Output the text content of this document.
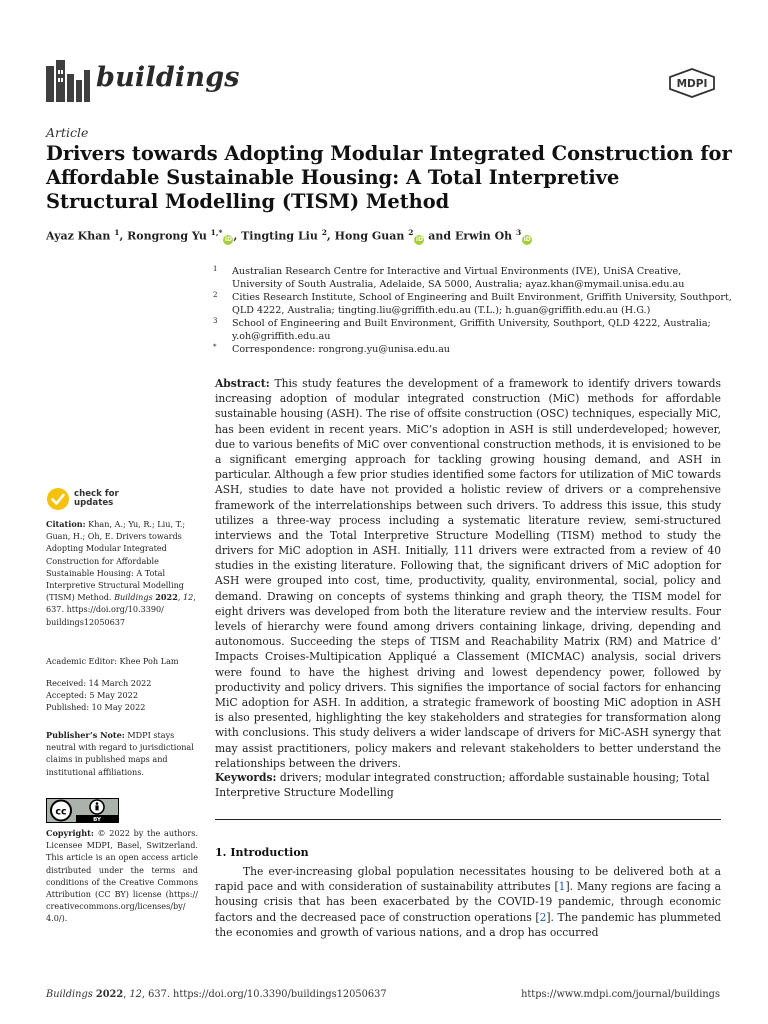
buildings	MDPI
Article
Drivers towards Adopting Modular Integrated Construction for Affordable Sustainable Housing: A Total Interpretive Structural Modelling (TISM) Method
Ayaz Khan $^1$, Rongrong Yu $^{1,*}$iD, Tingting Liu $^2$, Hong Guan $^2$iD and Erwin Oh $^3$iD

1 Australian Research Centre for Interactive and Virtual Environments (IVE), UniSA Creative, University of South Australia, Adelaide, SA 5000, Australia; ayaz.khan@mymail.unisa.edu.au

2 Cities Research Institute, School of Engineering and Built Environment, Griffith University, Southport, QLD 4222, Australia; tingting.liu@griffith.edu.au (T.L.); h.guan@griffith.edu.au (H.G.)

3 School of Engineering and Built Environment, Griffith University, Southport, QLD 4222, Australia; y.oh@griffith.edu.au

* Correspondence: rongrong.yu@unisa.edu.au

Abstract: This study features the development of a framework to identify drivers towards increasing adoption of modular integrated construction (MiC) methods for affordable sustainable housing (ASH). The rise of offsite construction (OSC) techniques, especially MiC, has been evident in recent years. MiC’s adoption in ASH is still underdeveloped; however, due to various benefits of MiC over conventional construction methods, it is envisioned to be a significant emerging approach for tackling growing housing demand, and ASH in particular. Although a few prior studies identified some factors for utilization of MiC towards ASH, studies to date have not provided a holistic review of drivers or a comprehensive framework of the interrelationships between such drivers. To address this issue, this study utilizes a three-way process including a systematic literature review, semi-structured interviews and the Total Interpretive Structure Modelling (TISM) method to study the drivers for MiC adoption in ASH. Initially, 111 drivers were extracted from a review of 40 studies in the existing literature. Following that, the significant drivers of MiC adoption for ASH were grouped into cost, time, productivity, quality, environmental, social, policy and demand. Drawing on concepts of systems thinking and graph theory, the TISM model for eight drivers was developed from both the literature review and the interview results. Four levels of hierarchy were found among drivers containing linkage, driving, depending and autonomous. Succeeding the steps of TISM and Reachability Matrix (RM) and Matrice d’ Impacts Croises-Multipication Appliqué a Classement (MICMAC) analysis, social drivers were found to have the highest driving and lowest dependency power, followed by productivity and policy drivers. This signifies the importance of social factors for enhancing MiC adoption for ASH. In addition, a strategic framework of boosting MiC adoption in ASH is also presented, highlighting the key stakeholders and strategies for transformation along with conclusions. This study delivers a wider landscape of drivers for MiC-ASH synergy that may assist practitioners, policy makers and relevant stakeholders to better understand the relationships between the drivers.

Keywords: drivers; modular integrated construction; affordable sustainable housing; Total Interpretive Structure Modelling

1. Introduction

The ever-increasing global population necessitates housing to be delivered both at a rapid pace and with consideration of sustainability attributes [1]. Many regions are facing a housing crisis that has been exacerbated by the COVID-19 pandemic, through economic factors and the decreased pace of construction operations [2]. The pandemic has plummeted the economies and growth of various nations, and a drop has occurred

check for
updates

Citation: Khan, A.; Yu, R.; Liu, T.; Guan, H.; Oh, E. Drivers towards Adopting Modular Integrated Construction for Affordable Sustainable Housing: A Total Interpretive Structural Modelling (TISM) Method. Buildings 2022, 12, 637. https://doi.org/10.3390/ buildings12050637

Academic Editor: Khee Poh Lam

Received: 14 March 2022

Accepted: 5 May 2022

Published: 10 May 2022

Publisher’s Note: MDPI stays neutral with regard to jurisdictional claims in published maps and institutional affiliations.

cc
BY

Copyright: © 2022 by the authors. Licensee MDPI, Basel, Switzerland. This article is an open access article distributed under the terms and conditions of the Creative Commons Attribution (CC BY) license (https:// creativecommons.org/licenses/by/ 4.0/).

Buildings 2022, 12, 637. https://doi.org/10.3390/buildings12050637	https://www.mdpi.com/journal/buildings
